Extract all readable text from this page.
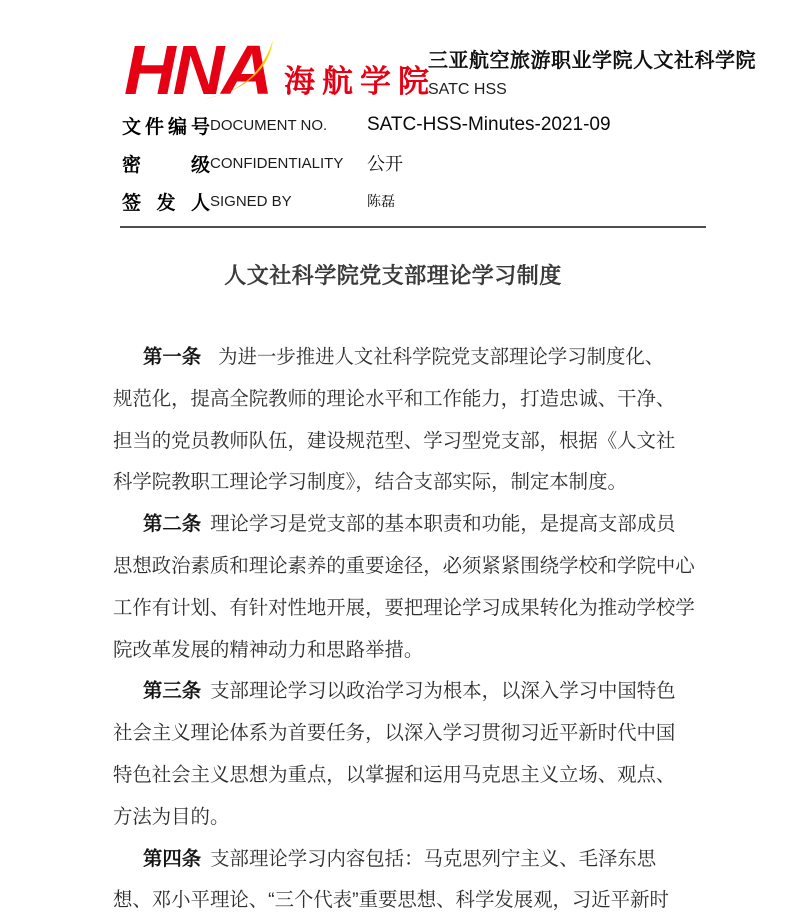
HNA 海航学院
三亚航空旅游职业学院人文社科学院
SATC HSS
文件编号 DOCUMENT NO.	SATC-HSS-Minutes-2021-09
密级 CONFIDENTIALITY	公开
签发人 SIGNED BY	陈磊
人文社科学院党支部理论学习制度
第一条 为进一步推进人文社科学院党支部理论学习制度化、
规范化，提高全院教师的理论水平和工作能力，打造忠诚、干净、
担当的党员教师队伍，建设规范型、学习型党支部，根据《人文社
科学院教职工理论学习制度》，结合支部实际，制定本制度。
第二条 理论学习是党支部的基本职责和功能，是提高支部成员
思想政治素质和理论素养的重要途径，必须紧紧围绕学校和学院中心
工作有计划、有针对性地开展，要把理论学习成果转化为推动学校学
院改革发展的精神动力和思路举措。
第三条 支部理论学习以政治学习为根本，以深入学习中国特色
社会主义理论体系为首要任务，以深入学习贯彻习近平新时代中国
特色社会主义思想为重点，以掌握和运用马克思主义立场、观点、
方法为目的。
第四条 支部理论学习内容包括：马克思列宁主义、毛泽东思
想、邓小平理论、“三个代表”重要思想、科学发展观，习近平新时
